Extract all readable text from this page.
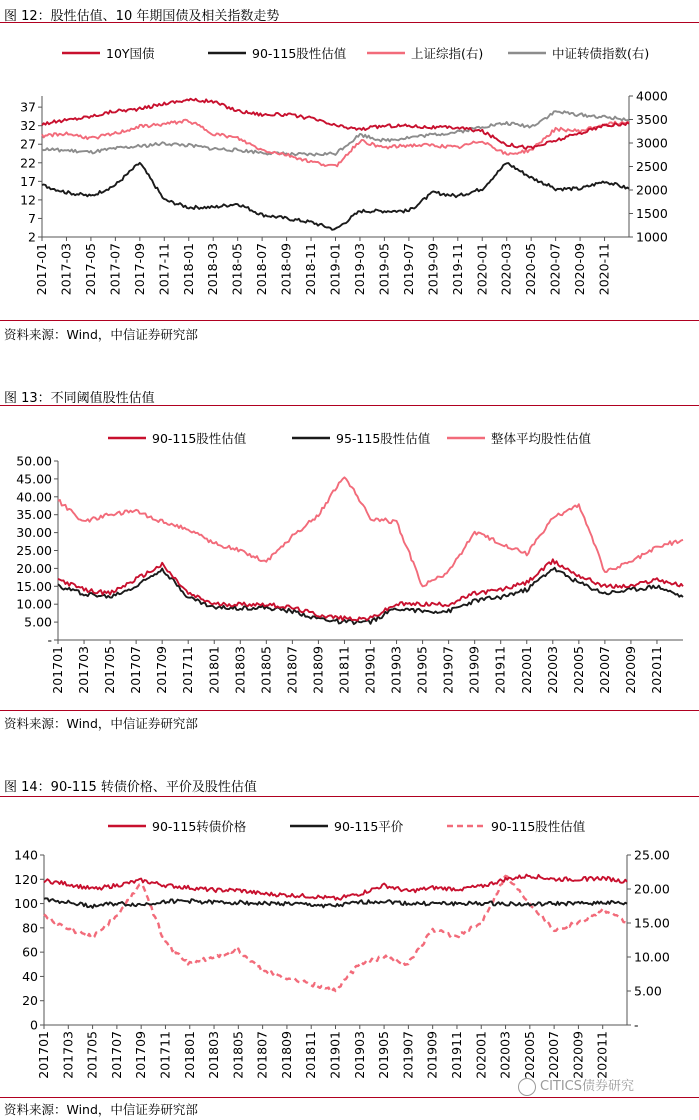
图 12：股性估值、10 年期国债及相关指数走势
10Y国债	90-115股性估值	上证综指(右)	中证转债指数(右)
2
7
12
17
22
27
32
37
1000
1500
2000
2500
3000
3500
4000
2017-01 2017-03 2017-05 2017-07 2017-09 2017-11 2018-01 2018-03 2018-05 2018-07 2018-09 2018-11 2019-01 2019-03 2019-05 2019-07 2019-09 2019-11 2020-01 2020-03 2020-05 2020-07 2020-09 2020-11
资料来源：Wind，中信证券研究部
图 13：不同阈值股性估值
90-115股性估值	95-115股性估值	整体平均股性估值
-
5.00
10.00
15.00
20.00
25.00
30.00
35.00
40.00
45.00
50.00
201701 201703 201705 201707 201709 201711 201801 201803 201805 201807 201809 201811 201901 201903 201905 201907 201909 201911 202001 202003 202005 202007 202009 202011
资料来源：Wind，中信证券研究部
图 14：90-115 转债价格、平价及股性估值
90-115转债价格	90-115平价	90-115股性估值
0
20
40
60
80
100
120
140
-
5.00
10.00
15.00
20.00
25.00
201701 201703 201705 201707 201709 201711 201801 201803 201805 201807 201809 201811 201901 201903 201905 201907 201909 201911 202001 202003 202005 202007 202009 202011
资料来源：Wind，中信证券研究部
CITICS债券研究
